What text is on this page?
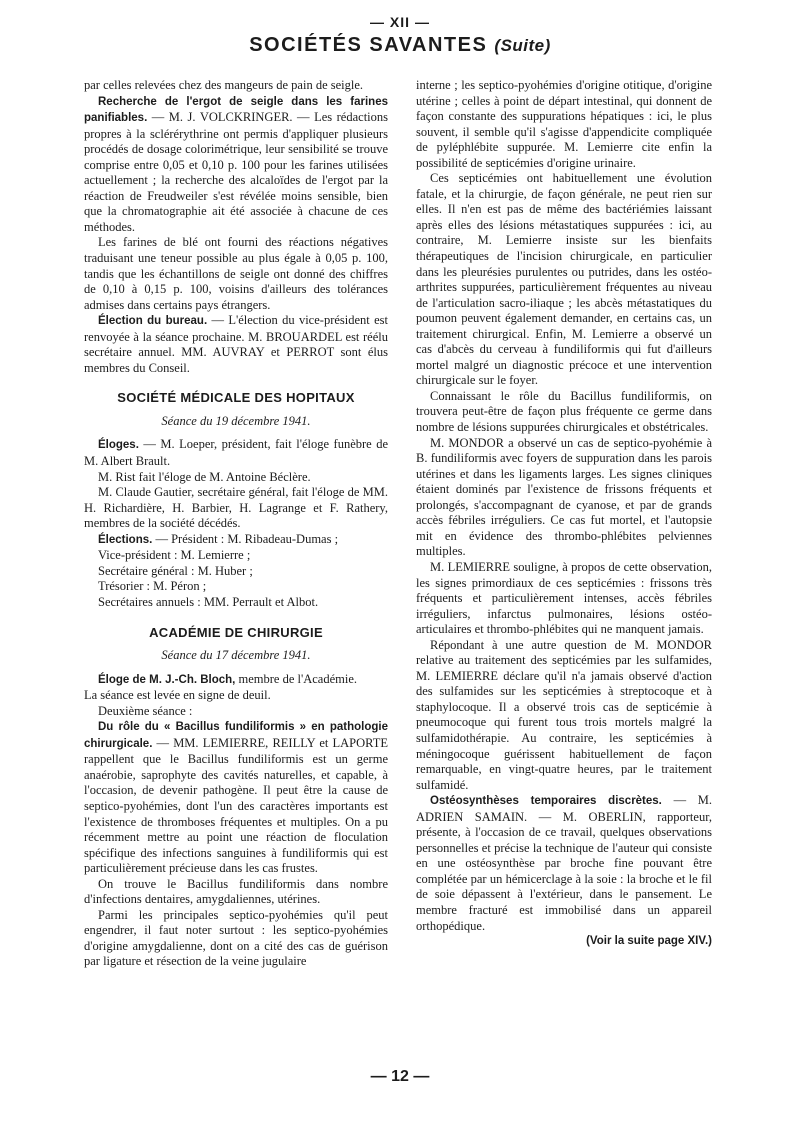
— XII —
SOCIÉTÉS SAVANTES (Suite)

par celles relevées chez des mangeurs de pain de seigle.

Recherche de l'ergot de seigle dans les farines panifiables. — M. J. VOLCKRINGER. — Les rédactions propres à la sclérérythrine ont permis d'appliquer plusieurs procédés de dosage colorimétrique, leur sensibilité se trouve comprise entre 0,05 et 0,10 p. 100 pour les farines utilisées actuellement ; la recherche des alcaloïdes de l'ergot par la réaction de Freudweiler s'est révélée moins sensible, bien que la chromatographie ait été associée à chacune de ces méthodes.

Les farines de blé ont fourni des réactions négatives traduisant une teneur possible au plus égale à 0,05 p. 100, tandis que les échantillons de seigle ont donné des chiffres de 0,10 à 0,15 p. 100, voisins d'ailleurs des tolérances admises dans certains pays étrangers.

Élection du bureau. — L'élection du vice-président est renvoyée à la séance prochaine. M. BROUARDEL est réélu secrétaire annuel. MM. AUVRAY et PERROT sont élus membres du Conseil.

SOCIÉTÉ MÉDICALE DES HOPITAUX

Séance du 19 décembre 1941.

Éloges. — M. Loeper, président, fait l'éloge funèbre de M. Albert Brault.

M. Rist fait l'éloge de M. Antoine Béclère.

M. Claude Gautier, secrétaire général, fait l'éloge de MM. H. Richardière, H. Barbier, H. Lagrange et F. Rathery, membres de la société décédés.

Élections. — Président : M. Ribadeau-Dumas ;

Vice-président : M. Lemierre ;

Secrétaire général : M. Huber ;

Trésorier : M. Péron ;

Secrétaires annuels : MM. Perrault et Albot.

ACADÉMIE DE CHIRURGIE

Séance du 17 décembre 1941.

Éloge de M. J.-Ch. Bloch, membre de l'Académie.

La séance est levée en signe de deuil.

Deuxième séance :

Du rôle du « Bacillus fundiliformis » en pathologie chirurgicale. — MM. LEMIERRE, REILLY et LAPORTE rappellent que le Bacillus fundiliformis est un germe anaérobie, saprophyte des cavités naturelles, et capable, à l'occasion, de devenir pathogène. Il peut être la cause de septico-pyohémies, dont l'un des caractères importants est l'existence de thromboses fréquentes et multiples. On a pu récemment mettre au point une réaction de floculation spécifique des infections sanguines à fundiliformis qui est particulièrement précieuse dans les cas frustes.

On trouve le Bacillus fundiliformis dans nombre d'infections dentaires, amygdaliennes, utérines.

Parmi les principales septico-pyohémies qu'il peut engendrer, il faut noter surtout : les septico-pyohémies d'origine amygdalienne, dont on a cité des cas de guérison par ligature et résection de la veine jugulaire

interne ; les septico-pyohémies d'origine otitique, d'origine utérine ; celles à point de départ intestinal, qui donnent de façon constante des suppurations hépatiques : ici, le plus souvent, il semble qu'il s'agisse d'appendicite compliquée de pyléphlébite suppurée. M. Lemierre cite enfin la possibilité de septicémies d'origine urinaire.

Ces septicémies ont habituellement une évolution fatale, et la chirurgie, de façon générale, ne peut rien sur elles. Il n'en est pas de même des bactériémies laissant après elles des lésions métastatiques suppurées : ici, au contraire, M. Lemierre insiste sur les bienfaits thérapeutiques de l'incision chirurgicale, en particulier dans les pleurésies purulentes ou putrides, dans les ostéo-arthrites suppurées, particulièrement fréquentes au niveau de l'articulation sacro-iliaque ; les abcès métastatiques du poumon peuvent également demander, en certains cas, un traitement chirurgical. Enfin, M. Lemierre a observé un cas d'abcès du cerveau à fundiliformis qui fut d'ailleurs mortel malgré un diagnostic précoce et une intervention chirurgicale sur le foyer.

Connaissant le rôle du Bacillus fundiliformis, on trouvera peut-être de façon plus fréquente ce germe dans nombre de lésions suppurées chirurgicales et obstétricales.

M. MONDOR a observé un cas de septico-pyohémie à B. fundiliformis avec foyers de suppuration dans les parois utérines et dans les ligaments larges. Les signes cliniques étaient dominés par l'existence de frissons fréquents et prolongés, s'accompagnant de cyanose, et par de grands accès fébriles irréguliers. Ce cas fut mortel, et l'autopsie mit en évidence des thrombo-phlébites pelviennes multiples.

M. LEMIERRE souligne, à propos de cette observation, les signes primordiaux de ces septicémies : frissons très fréquents et particulièrement intenses, accès fébriles irréguliers, infarctus pulmonaires, lésions ostéo-articulaires et thrombo-phlébites qui ne manquent jamais.

Répondant à une autre question de M. MONDOR relative au traitement des septicémies par les sulfamides, M. LEMIERRE déclare qu'il n'a jamais observé d'action des sulfamides sur les septicémies à streptocoque et à staphylocoque. Il a observé trois cas de septicémie à pneumocoque qui furent tous trois mortels malgré la sulfamidothérapie. Au contraire, les septicémies à méningocoque guérissent habituellement de façon remarquable, en vingt-quatre heures, par le traitement sulfamidé.

Ostéosynthèses temporaires discrètes. — M. ADRIEN SAMAIN. — M. OBERLIN, rapporteur, présente, à l'occasion de ce travail, quelques observations personnelles et précise la technique de l'auteur qui consiste en une ostéosynthèse par broche fine pouvant être complétée par un hémicerclage à la soie : la broche et le fil de soie dépassent à l'extérieur, dans le pansement. Le membre fracturé est immobilisé dans un appareil orthopédique.

(Voir la suite page XIV.)

— 12 —
